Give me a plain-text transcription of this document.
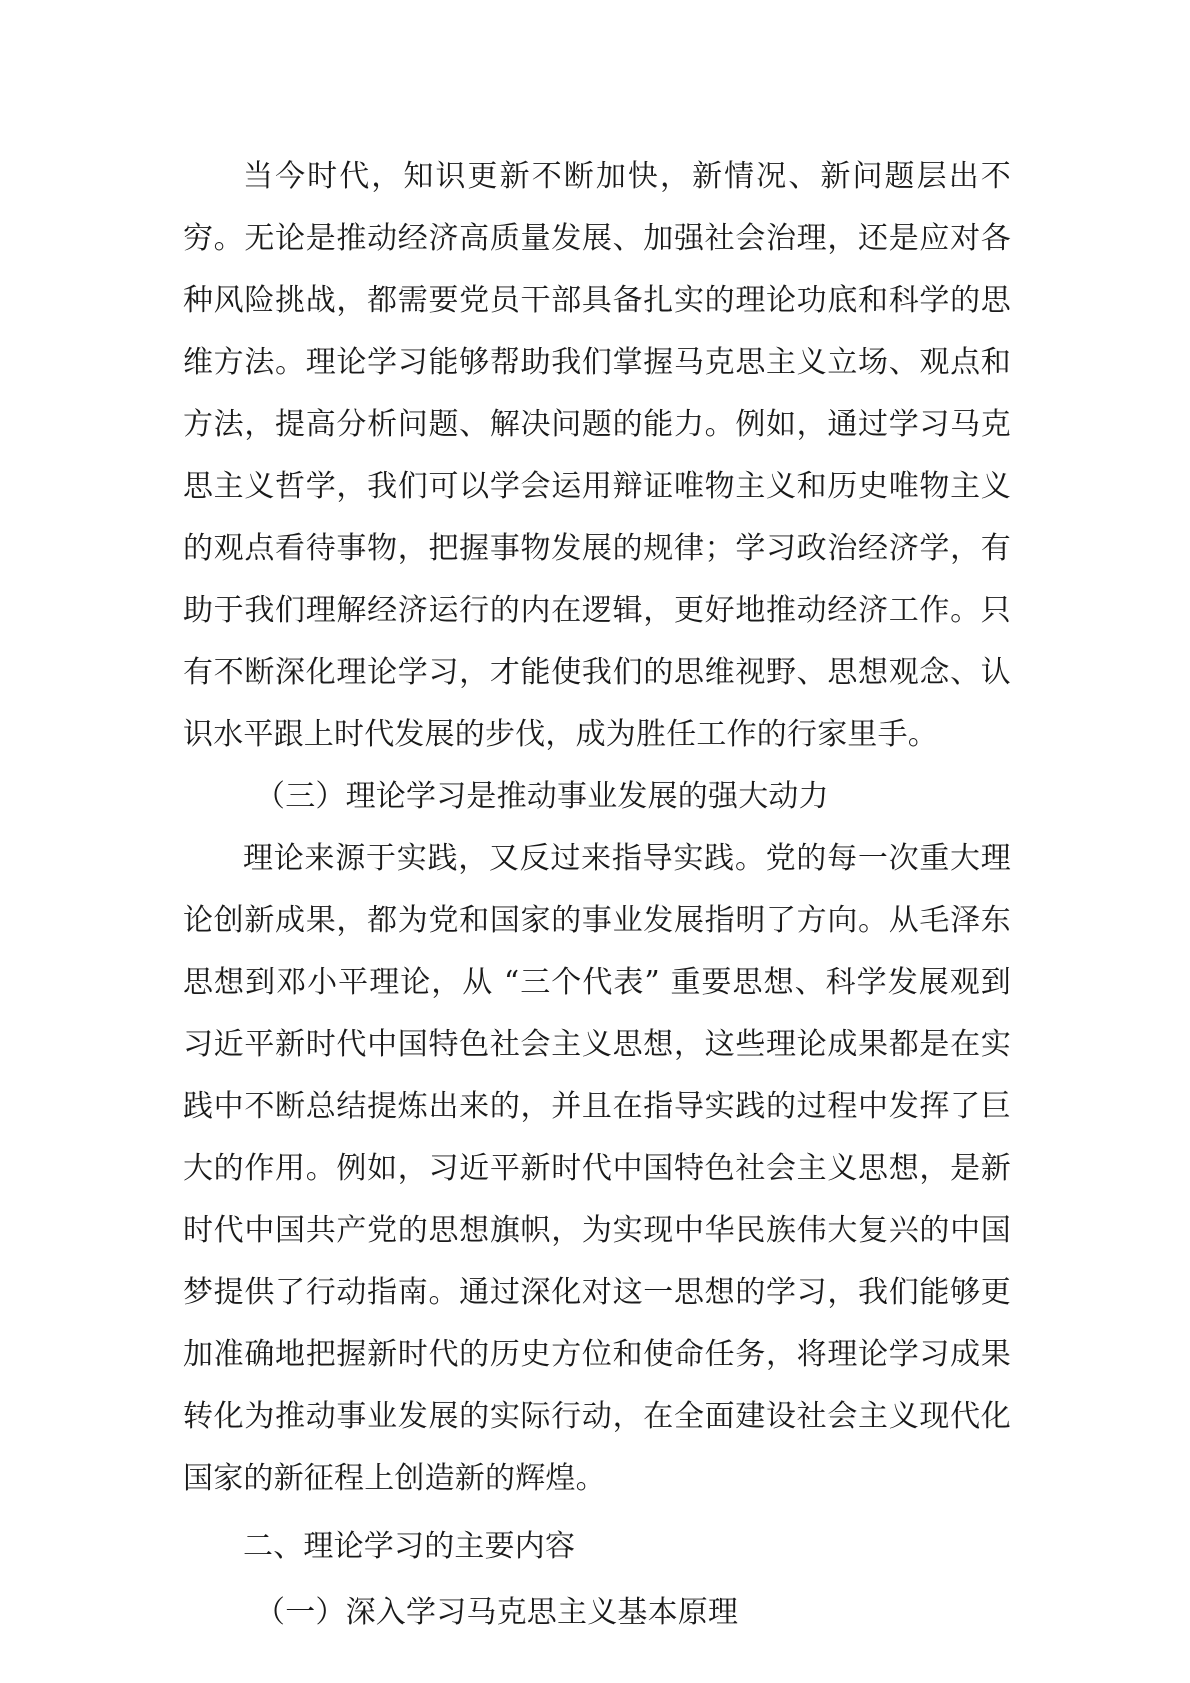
当今时代，知识更新不断加快，新情况、新问题层出不穷。无论是推动经济高质量发展、加强社会治理，还是应对各种风险挑战，都需要党员干部具备扎实的理论功底和科学的思维方法。理论学习能够帮助我们掌握马克思主义立场、观点和方法，提高分析问题、解决问题的能力。例如，通过学习马克思主义哲学，我们可以学会运用辩证唯物主义和历史唯物主义的观点看待事物，把握事物发展的规律；学习政治经济学，有助于我们理解经济运行的内在逻辑，更好地推动经济工作。只有不断深化理论学习，才能使我们的思维视野、思想观念、认识水平跟上时代发展的步伐，成为胜任工作的行家里手。

（三）理论学习是推动事业发展的强大动力

理论来源于实践，又反过来指导实践。党的每一次重大理论创新成果，都为党和国家的事业发展指明了方向。从毛泽东思想到邓小平理论，从 “三个代表” 重要思想、科学发展观到习近平新时代中国特色社会主义思想，这些理论成果都是在实践中不断总结提炼出来的，并且在指导实践的过程中发挥了巨大的作用。例如，习近平新时代中国特色社会主义思想，是新时代中国共产党的思想旗帜，为实现中华民族伟大复兴的中国梦提供了行动指南。通过深化对这一思想的学习，我们能够更加准确地把握新时代的历史方位和使命任务，将理论学习成果转化为推动事业发展的实际行动，在全面建设社会主义现代化国家的新征程上创造新的辉煌。

二、理论学习的主要内容

（一）深入学习马克思主义基本原理
